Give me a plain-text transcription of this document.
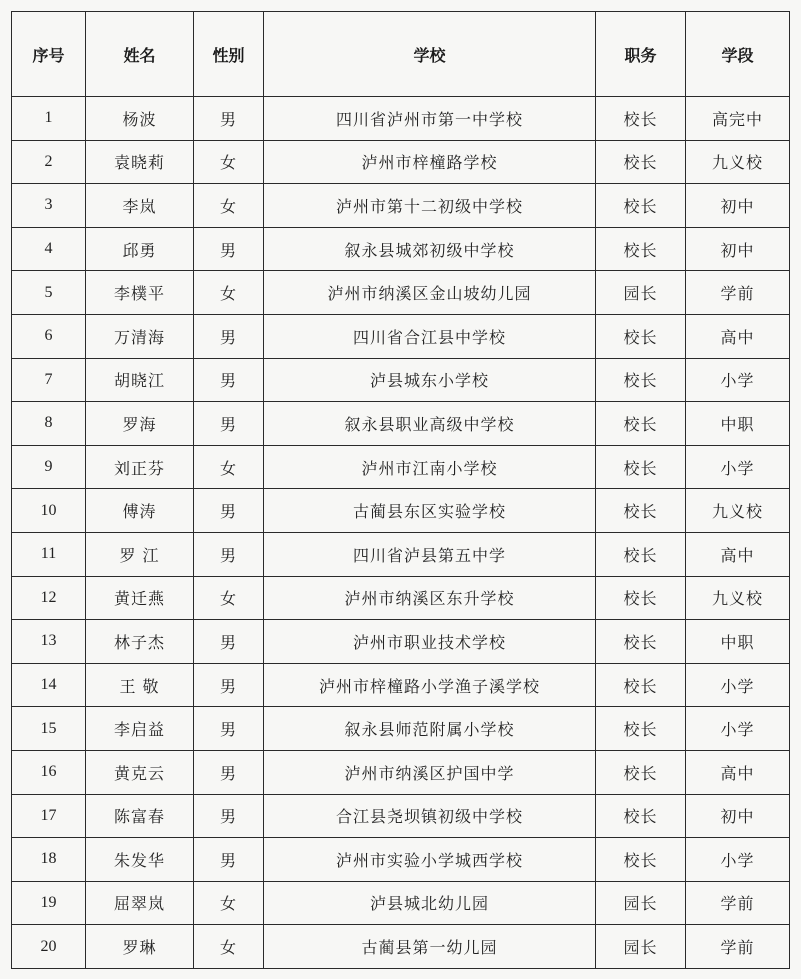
序号	姓名	性别	学校	职务	学段
1	杨波	男	四川省泸州市第一中学校	校长	高完中
2	袁晓莉	女	泸州市梓橦路学校	校长	九义校
3	李岚	女	泸州市第十二初级中学校	校长	初中
4	邱勇	男	叙永县城郊初级中学校	校长	初中
5	李樸平	女	泸州市纳溪区金山坡幼儿园	园长	学前
6	万清海	男	四川省合江县中学校	校长	高中
7	胡晓江	男	泸县城东小学校	校长	小学
8	罗海	男	叙永县职业高级中学校	校长	中职
9	刘正芬	女	泸州市江南小学校	校长	小学
10	傅涛	男	古蔺县东区实验学校	校长	九义校
11	罗 江	男	四川省泸县第五中学	校长	高中
12	黄迁燕	女	泸州市纳溪区东升学校	校长	九义校
13	林子杰	男	泸州市职业技术学校	校长	中职
14	王 敬	男	泸州市梓橦路小学渔子溪学校	校长	小学
15	李启益	男	叙永县师范附属小学校	校长	小学
16	黄克云	男	泸州市纳溪区护国中学	校长	高中
17	陈富春	男	合江县尧坝镇初级中学校	校长	初中
18	朱发华	男	泸州市实验小学城西学校	校长	小学
19	屈翠岚	女	泸县城北幼儿园	园长	学前
20	罗琳	女	古蔺县第一幼儿园	园长	学前
